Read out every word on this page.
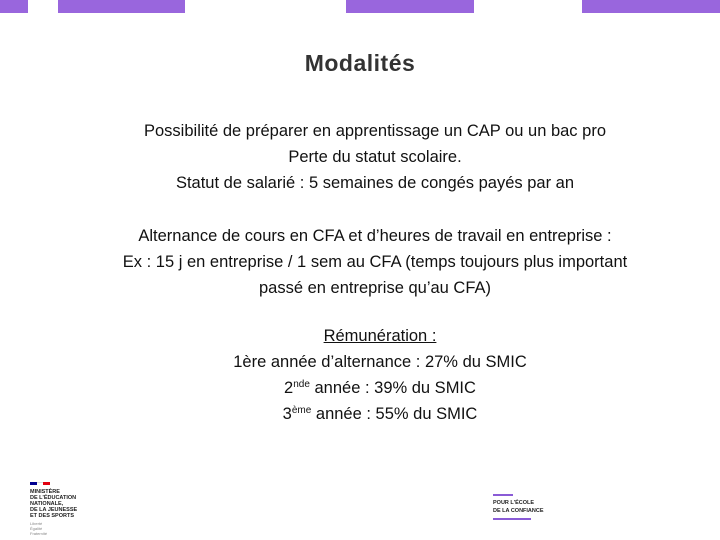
Modalités
Possibilité de préparer en apprentissage un CAP ou un bac pro
Perte du statut scolaire.
Statut de salarié : 5 semaines de congés payés par an
Alternance de cours en CFA et d’heures de travail en entreprise :
Ex : 15 j en entreprise / 1 sem au CFA (temps toujours plus important
passé en entreprise qu’au CFA)
Rémunération :
1ère année d’alternance : 27% du SMIC
2nde année : 39% du SMIC
3ème année : 55% du SMIC
MINISTÈRE
DE L'ÉDUCATION
NATIONALE,
DE LA JEUNESSE
ET DES SPORTS
Liberté
Égalité
Fraternité
POUR L'ÉCOLE
DE LA CONFIANCE
